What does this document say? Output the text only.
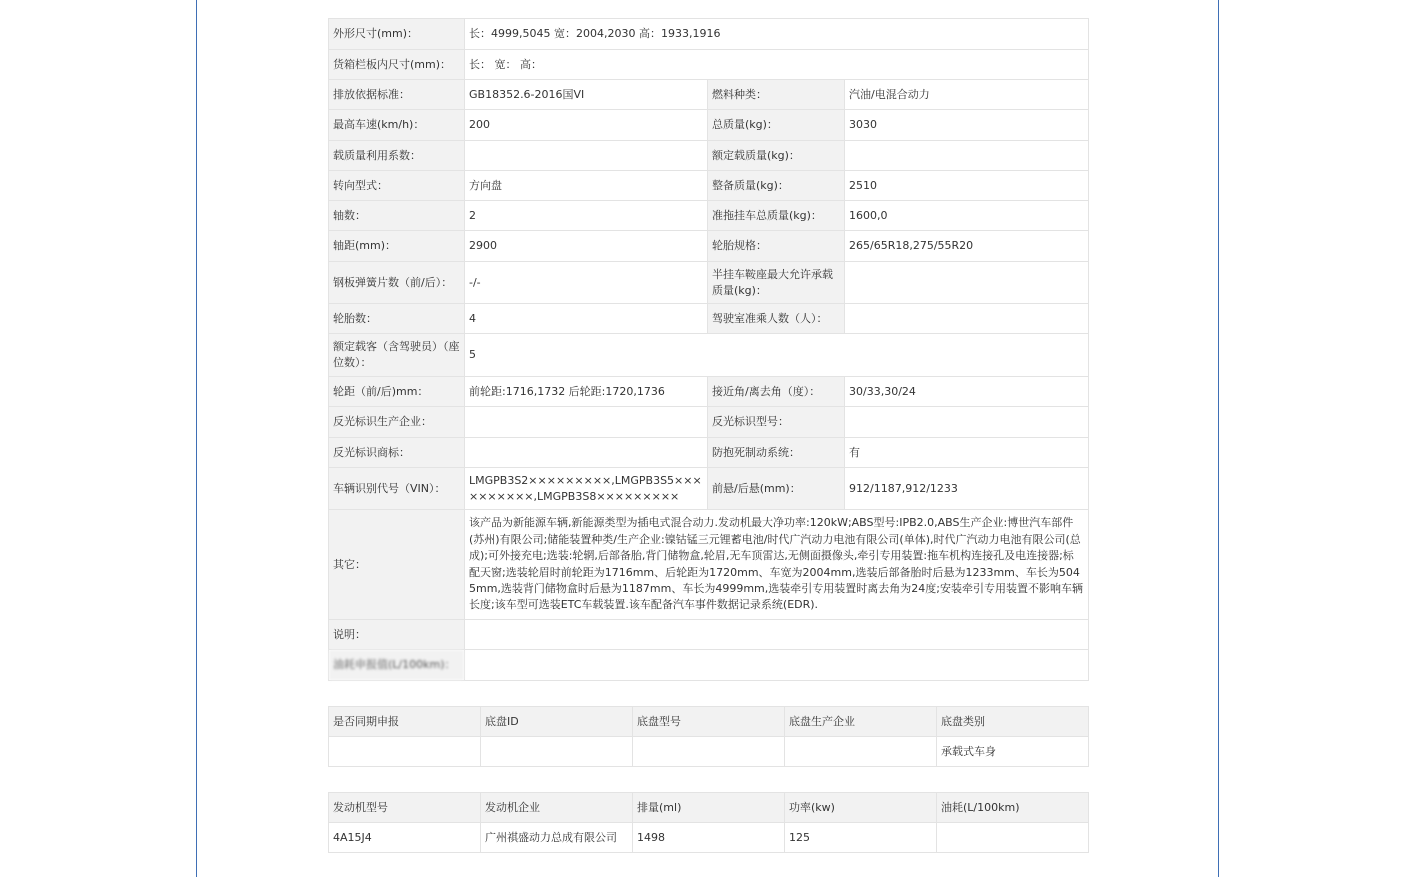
外形尺寸(mm)：	长：4999,5045 宽：2004,2030 高：1933,1916		
货箱栏板内尺寸(mm)：	长： 宽： 高：		
排放依据标准：	GB18352.6-2016国VI	燃料种类：	汽油/电混合动力
最高车速(km/h)：	200	总质量(kg)：	3030
载质量利用系数：		额定载质量(kg)：	
转向型式：	方向盘	整备质量(kg)：	2510
轴数：	2	准拖挂车总质量(kg)：	1600,0
轴距(mm)：	2900	轮胎规格：	265/65R18,275/55R20
钢板弹簧片数（前/后）：	-/-	半挂车鞍座最大允许承载质量(kg)：	
轮胎数：	4	驾驶室准乘人数（人）：	
额定载客（含驾驶员）（座位数）：	5		
轮距（前/后)mm：	前轮距:1716,1732 后轮距:1720,1736	接近角/离去角（度）：	30/33,30/24
反光标识生产企业：		反光标识型号：	
反光标识商标：		防抱死制动系统：	有
车辆识别代号（VIN）：	LMGPB3S2×××××××××,LMGPB3S5××××××××××,LMGPB3S8×××××××××	前悬/后悬(mm)：	912/1187,912/1233
其它：	该产品为新能源车辆,新能源类型为插电式混合动力.发动机最大净功率:120kW;ABS型号:IPB2.0,ABS生产企业:博世汽车部件(苏州)有限公司;储能装置种类/生产企业:镍钴锰三元锂蓄电池/时代广汽动力电池有限公司(单体),时代广汽动力电池有限公司(总成);可外接充电;选装:轮辋,后部备胎,背门储物盒,轮眉,无车顶雷达,无侧面摄像头,牵引专用装置:拖车机构连接孔及电连接器;标配天窗;选装轮眉时前轮距为1716mm、后轮距为1720mm、车宽为2004mm,选装后部备胎时后悬为1233mm、车长为5045mm,选装背门储物盒时后悬为1187mm、车长为4999mm,选装牵引专用装置时离去角为24度;安装牵引专用装置不影响车辆长度;该车型可选装ETC车载装置.该车配备汽车事件数据记录系统(EDR).		
说明：			
油耗申报值(L/100km)：			
是否同期申报	底盘ID	底盘型号	底盘生产企业	底盘类别
				承载式车身
发动机型号	发动机企业	排量(ml)	功率(kw)	油耗(L/100km)
4A15J4	广州祺盛动力总成有限公司	1498	125	
